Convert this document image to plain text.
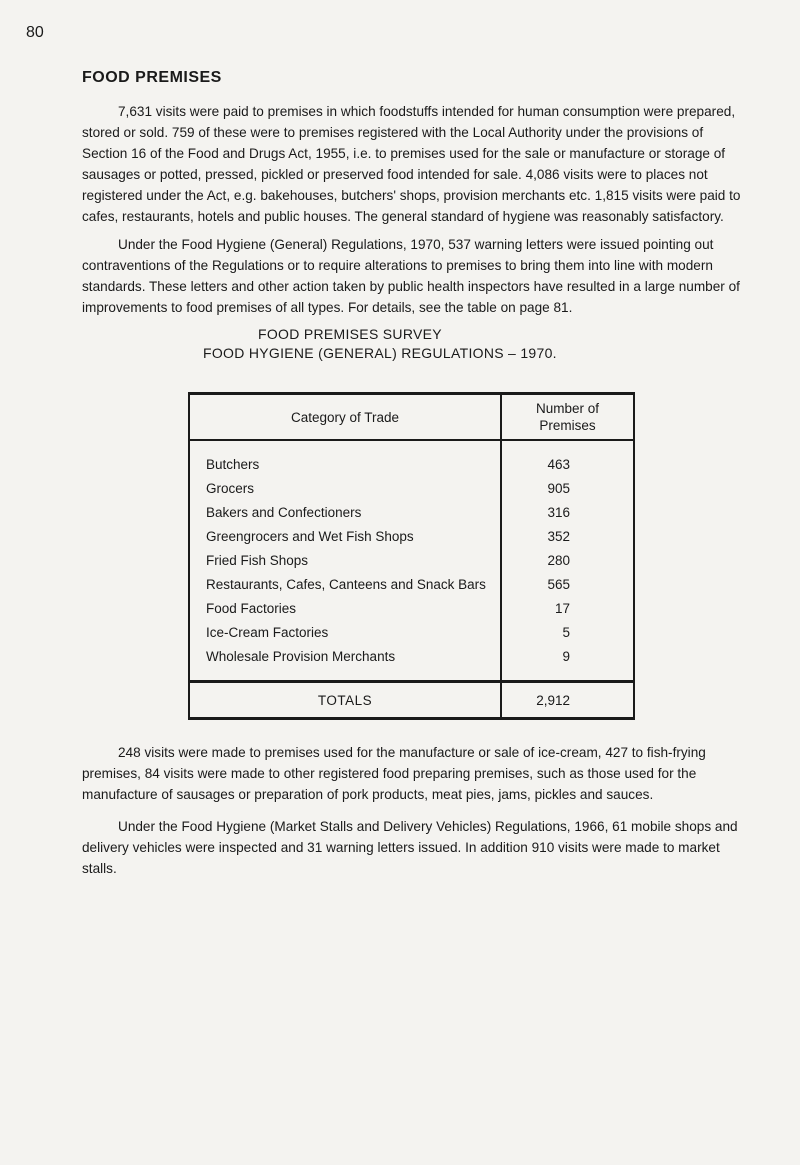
80
FOOD PREMISES

7,631 visits were paid to premises in which foodstuffs intended for human consumption were prepared, stored or sold. 759 of these were to premises registered with the Local Authority under the provisions of Section 16 of the Food and Drugs Act, 1955, i.e. to premises used for the sale or manufacture or storage of sausages or potted, pressed, pickled or preserved food intended for sale. 4,086 visits were to places not registered under the Act, e.g. bakehouses, butchers' shops, provision merchants etc. 1,815 visits were paid to cafes, restaurants, hotels and public houses. The general standard of hygiene was reasonably satisfactory.

Under the Food Hygiene (General) Regulations, 1970, 537 warning letters were issued pointing out contraventions of the Regulations or to require alterations to premises to bring them into line with modern standards. These letters and other action taken by public health inspectors have resulted in a large number of improvements to food premises of all types. For details, see the table on page 81.

FOOD PREMISES SURVEY
FOOD HYGIENE (GENERAL) REGULATIONS – 1970.
Category of Trade	Number of
Premises

Butchers	463
Grocers	905
Bakers and Confectioners	316
Greengrocers and Wet Fish Shops	352
Fried Fish Shops	280
Restaurants, Cafes, Canteens and Snack Bars	565
Food Factories	17
Ice-Cream Factories	5
Wholesale Provision Merchants	9

TOTALS	2,912

248 visits were made to premises used for the manufacture or sale of ice-cream, 427 to fish-frying premises, 84 visits were made to other registered food preparing premises, such as those used for the manufacture of sausages or preparation of pork products, meat pies, jams, pickles and sauces.

Under the Food Hygiene (Market Stalls and Delivery Vehicles) Regulations, 1966, 61 mobile shops and delivery vehicles were inspected and 31 warning letters issued. In addition 910 visits were made to market stalls.
